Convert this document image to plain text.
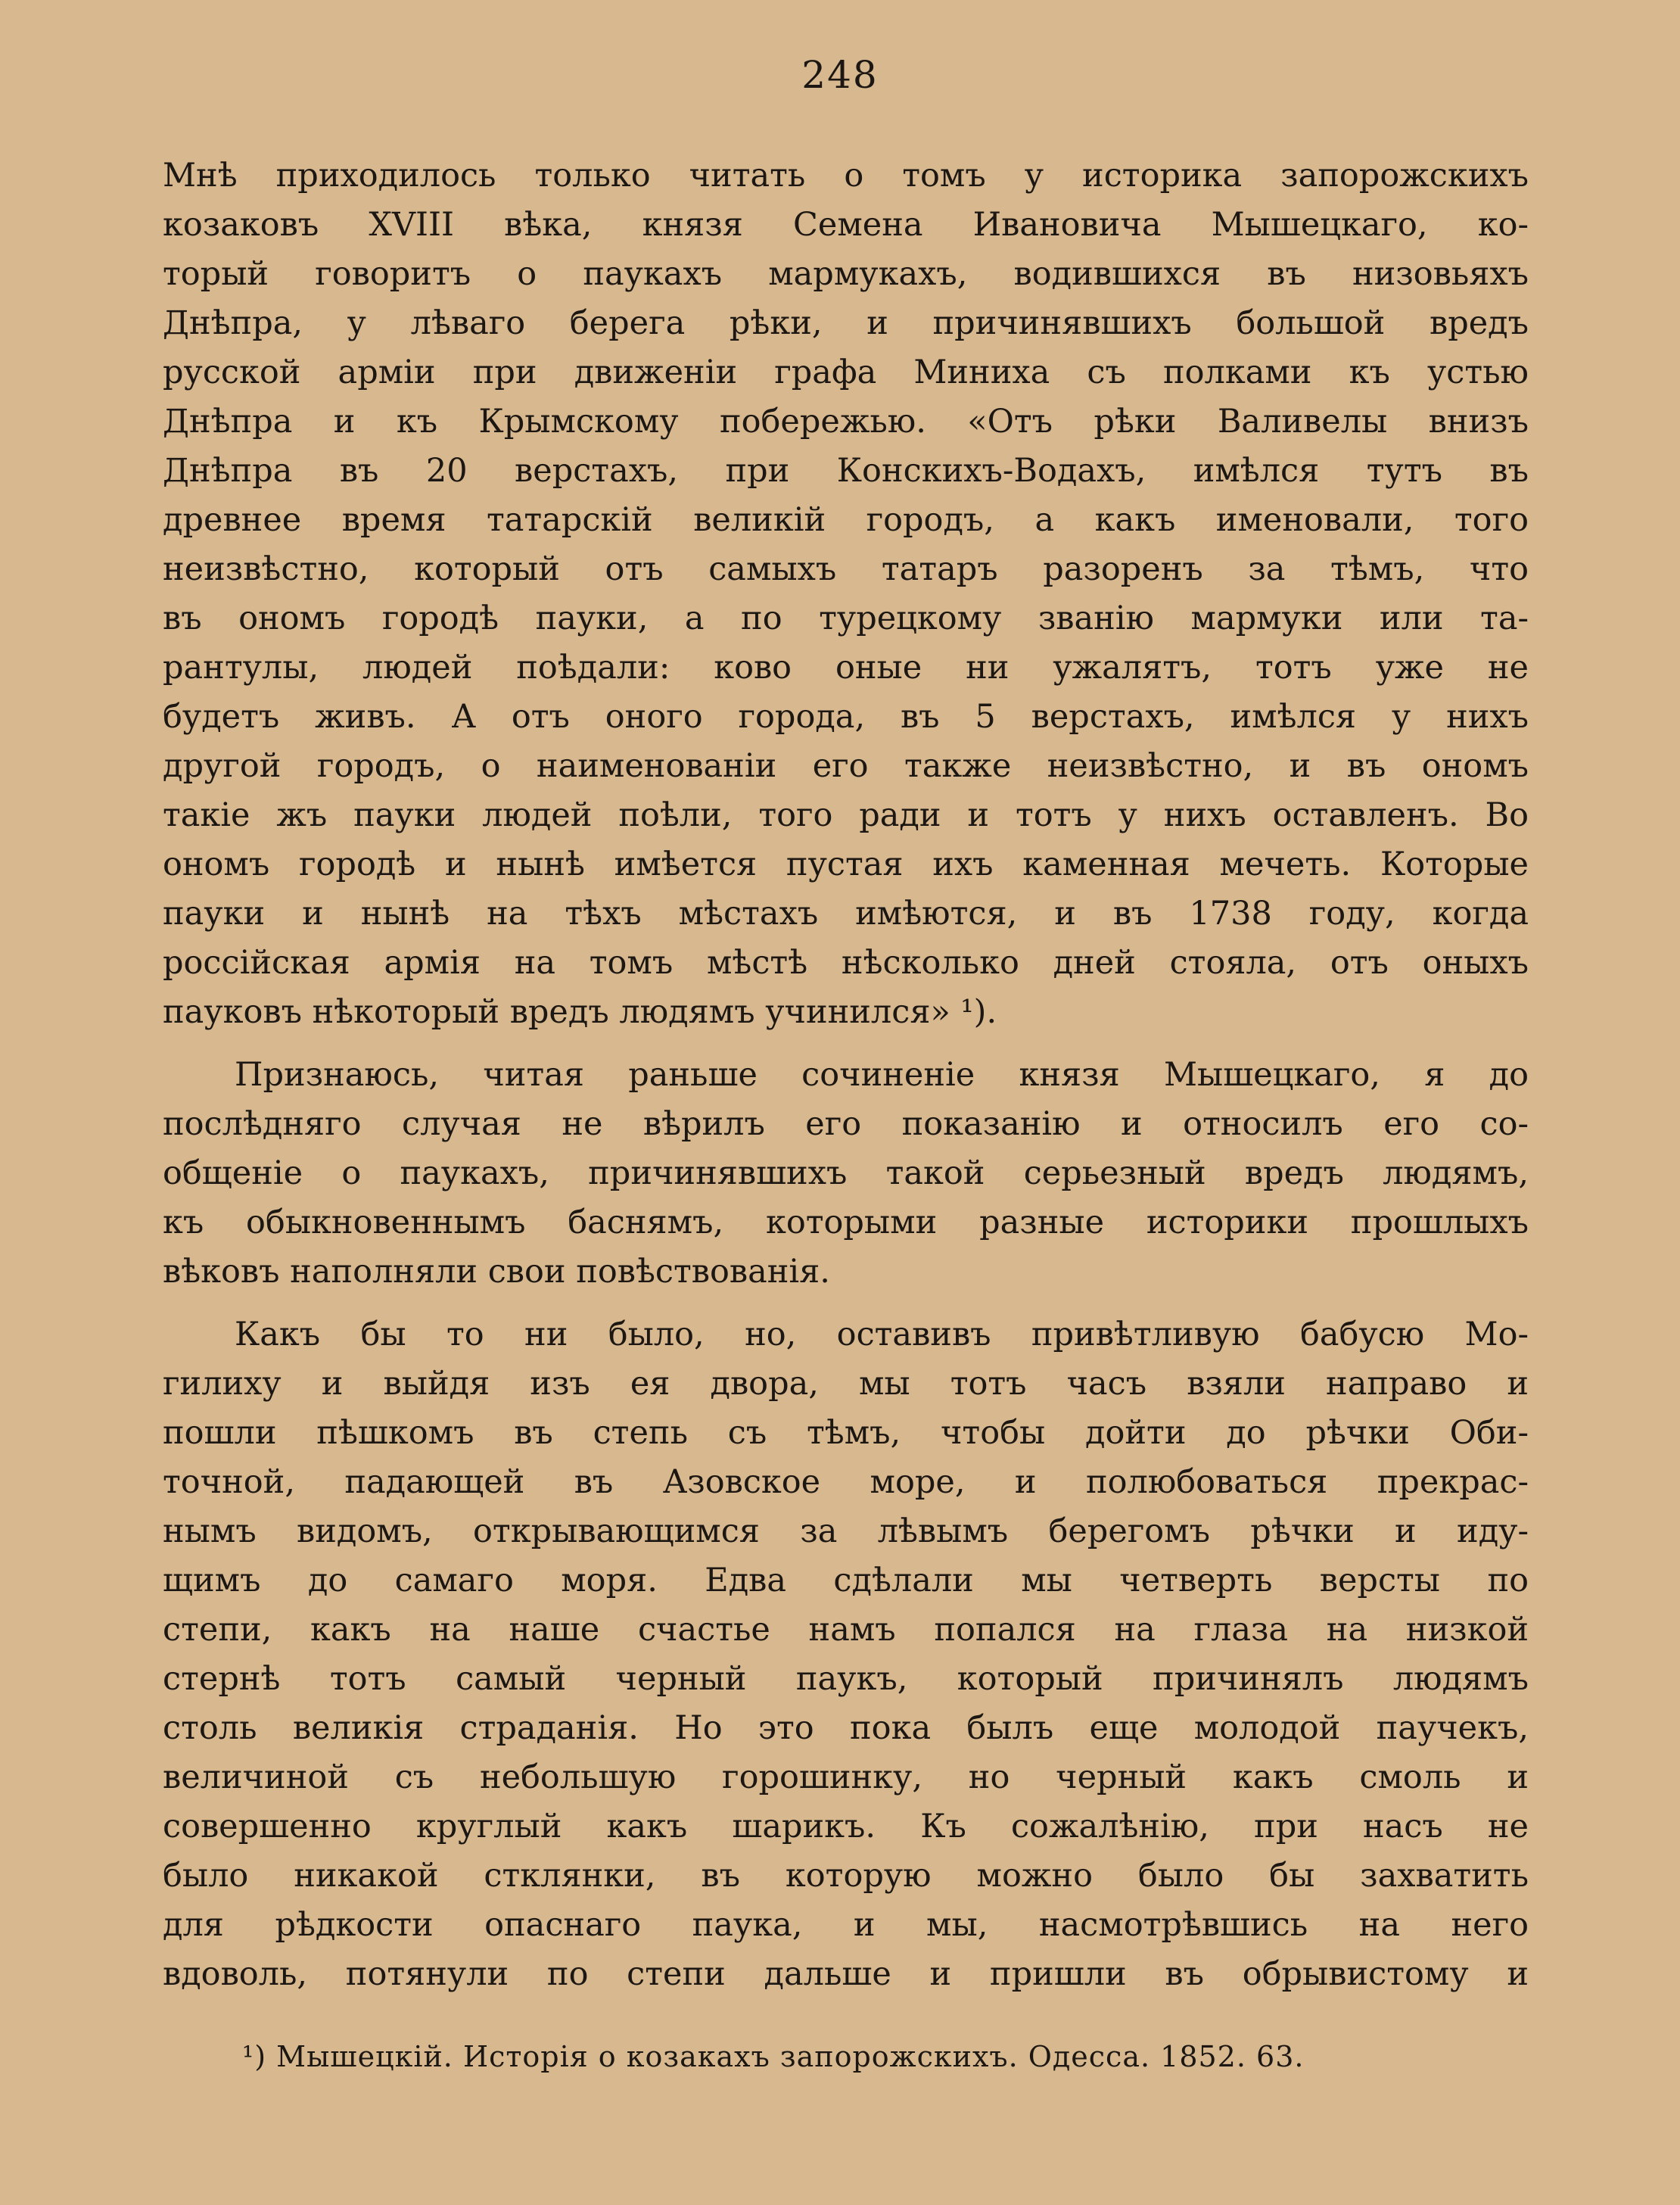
248
Мнѣ приходилось только читать о томъ у историка запорожскихъ
козаковъ XVIII вѣка, князя Семена Ивановича Мышецкаго, ко-
торый говоритъ о паукахъ мармукахъ, водившихся въ низовьяхъ
Днѣпра, у лѣваго берега рѣки, и причинявшихъ большой вредъ
русской арміи при движеніи графа Миниха съ полками къ устью
Днѣпра и къ Крымскому побережью. «Отъ рѣки Валивелы внизъ
Днѣпра въ 20 верстахъ, при Конскихъ-Водахъ, имѣлся тутъ въ
древнее время татарскій великій городъ, а какъ именовали, того
неизвѣстно, который отъ самыхъ татаръ разоренъ за тѣмъ, что
въ ономъ городѣ пауки, а по турецкому званію мармуки или та-
рантулы, людей поѣдали: ково оные ни ужалятъ, тотъ уже не
будетъ живъ. А отъ оного города, въ 5 верстахъ, имѣлся у нихъ
другой городъ, о наименованіи его также неизвѣстно, и въ ономъ
такіе жъ пауки людей поѣли, того ради и тотъ у нихъ оставленъ. Во
ономъ городѣ и нынѣ имѣется пустая ихъ каменная мечеть. Которые
пауки и нынѣ на тѣхъ мѣстахъ имѣются, и въ 1738 году, когда
россійская армія на томъ мѣстѣ нѣсколько дней стояла, отъ оныхъ
пауковъ нѣкоторый вредъ людямъ учинился» ¹).
Признаюсь, читая раньше сочиненіе князя Мышецкаго, я до
послѣдняго случая не вѣрилъ его показанію и относилъ его со-
общеніе о паукахъ, причинявшихъ такой серьезный вредъ людямъ,
къ обыкновеннымъ баснямъ, которыми разные историки прошлыхъ
вѣковъ наполняли свои повѣствованія.
Какъ бы то ни было, но, оставивъ привѣтливую бабусю Мо-
гилиху и выйдя изъ ея двора, мы тотъ часъ взяли направо и
пошли пѣшкомъ въ степь съ тѣмъ, чтобы дойти до рѣчки Оби-
точной, падающей въ Азовское море, и полюбоваться прекрас-
нымъ видомъ, открывающимся за лѣвымъ берегомъ рѣчки и иду-
щимъ до самаго моря. Едва сдѣлали мы четверть версты по
степи, какъ на наше счастье намъ попался на глаза на низкой
стернѣ тотъ самый черный паукъ, который причинялъ людямъ
столь великія страданія. Но это пока былъ еще молодой паучекъ,
величиной съ небольшую горошинку, но черный какъ смоль и
совершенно круглый какъ шарикъ. Къ сожалѣнію, при насъ не
было никакой стклянки, въ которую можно было бы захватить
для рѣдкости опаснаго паука, и мы, насмотрѣвшись на него
вдоволь, потянули по степи дальше и пришли въ обрывистому и
¹) Мышецкій. Исторія о козакахъ запорожскихъ. Одесса. 1852. 63.
